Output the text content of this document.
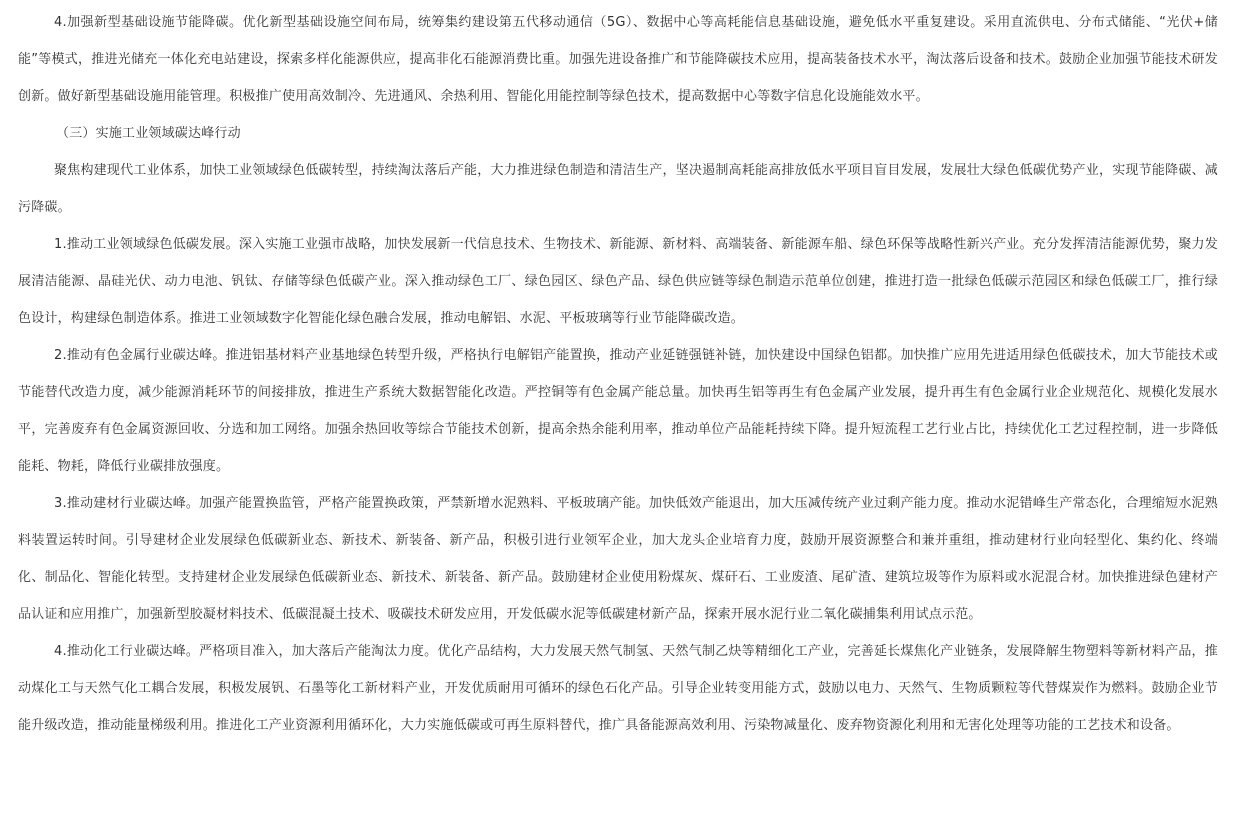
4.加强新型基础设施节能降碳。优化新型基础设施空间布局，统筹集约建设第五代移动通信（5G）、数据中心等高耗能信息基础设施，避免低水平重复建设。采用直流供电、分布式储能、“光伏+储能”等模式，推进光储充一体化充电站建设，探索多样化能源供应，提高非化石能源消费比重。加强先进设备推广和节能降碳技术应用，提高装备技术水平，淘汰落后设备和技术。鼓励企业加强节能技术研发创新。做好新型基础设施用能管理。积极推广使用高效制冷、先进通风、余热利用、智能化用能控制等绿色技术，提高数据中心等数字信息化设施能效水平。

（三）实施工业领域碳达峰行动

聚焦构建现代工业体系，加快工业领域绿色低碳转型，持续淘汰落后产能，大力推进绿色制造和清洁生产，坚决遏制高耗能高排放低水平项目盲目发展，发展壮大绿色低碳优势产业，实现节能降碳、减污降碳。

1.推动工业领域绿色低碳发展。深入实施工业强市战略，加快发展新一代信息技术、生物技术、新能源、新材料、高端装备、新能源车船、绿色环保等战略性新兴产业。充分发挥清洁能源优势，聚力发展清洁能源、晶硅光伏、动力电池、钒钛、存储等绿色低碳产业。深入推动绿色工厂、绿色园区、绿色产品、绿色供应链等绿色制造示范单位创建，推进打造一批绿色低碳示范园区和绿色低碳工厂，推行绿色设计，构建绿色制造体系。推进工业领域数字化智能化绿色融合发展，推动电解铝、水泥、平板玻璃等行业节能降碳改造。

2.推动有色金属行业碳达峰。推进铝基材料产业基地绿色转型升级，严格执行电解铝产能置换，推动产业延链强链补链，加快建设中国绿色铝都。加快推广应用先进适用绿色低碳技术，加大节能技术或节能替代改造力度，减少能源消耗环节的间接排放，推进生产系统大数据智能化改造。严控铜等有色金属产能总量。加快再生铝等再生有色金属产业发展，提升再生有色金属行业企业规范化、规模化发展水平，完善废弃有色金属资源回收、分选和加工网络。加强余热回收等综合节能技术创新，提高余热余能利用率，推动单位产品能耗持续下降。提升短流程工艺行业占比，持续优化工艺过程控制，进一步降低能耗、物耗，降低行业碳排放强度。

3.推动建材行业碳达峰。加强产能置换监管，严格产能置换政策，严禁新增水泥熟料、平板玻璃产能。加快低效产能退出，加大压减传统产业过剩产能力度。推动水泥错峰生产常态化，合理缩短水泥熟料装置运转时间。引导建材企业发展绿色低碳新业态、新技术、新装备、新产品，积极引进行业领军企业，加大龙头企业培育力度，鼓励开展资源整合和兼并重组，推动建材行业向轻型化、集约化、终端化、制品化、智能化转型。支持建材企业发展绿色低碳新业态、新技术、新装备、新产品。鼓励建材企业使用粉煤灰、煤矸石、工业废渣、尾矿渣、建筑垃圾等作为原料或水泥混合材。加快推进绿色建材产品认证和应用推广，加强新型胶凝材料技术、低碳混凝土技术、吸碳技术研发应用，开发低碳水泥等低碳建材新产品，探索开展水泥行业二氧化碳捕集利用试点示范。

4.推动化工行业碳达峰。严格项目准入，加大落后产能淘汰力度。优化产品结构，大力发展天然气制氢、天然气制乙炔等精细化工产业，完善延长煤焦化产业链条，发展降解生物塑料等新材料产品，推动煤化工与天然气化工耦合发展，积极发展钒、石墨等化工新材料产业，开发优质耐用可循环的绿色石化产品。引导企业转变用能方式，鼓励以电力、天然气、生物质颗粒等代替煤炭作为燃料。鼓励企业节能升级改造，推动能量梯级利用。推进化工产业资源利用循环化，大力实施低碳或可再生原料替代，推广具备能源高效利用、污染物减量化、废弃物资源化利用和无害化处理等功能的工艺技术和设备。
